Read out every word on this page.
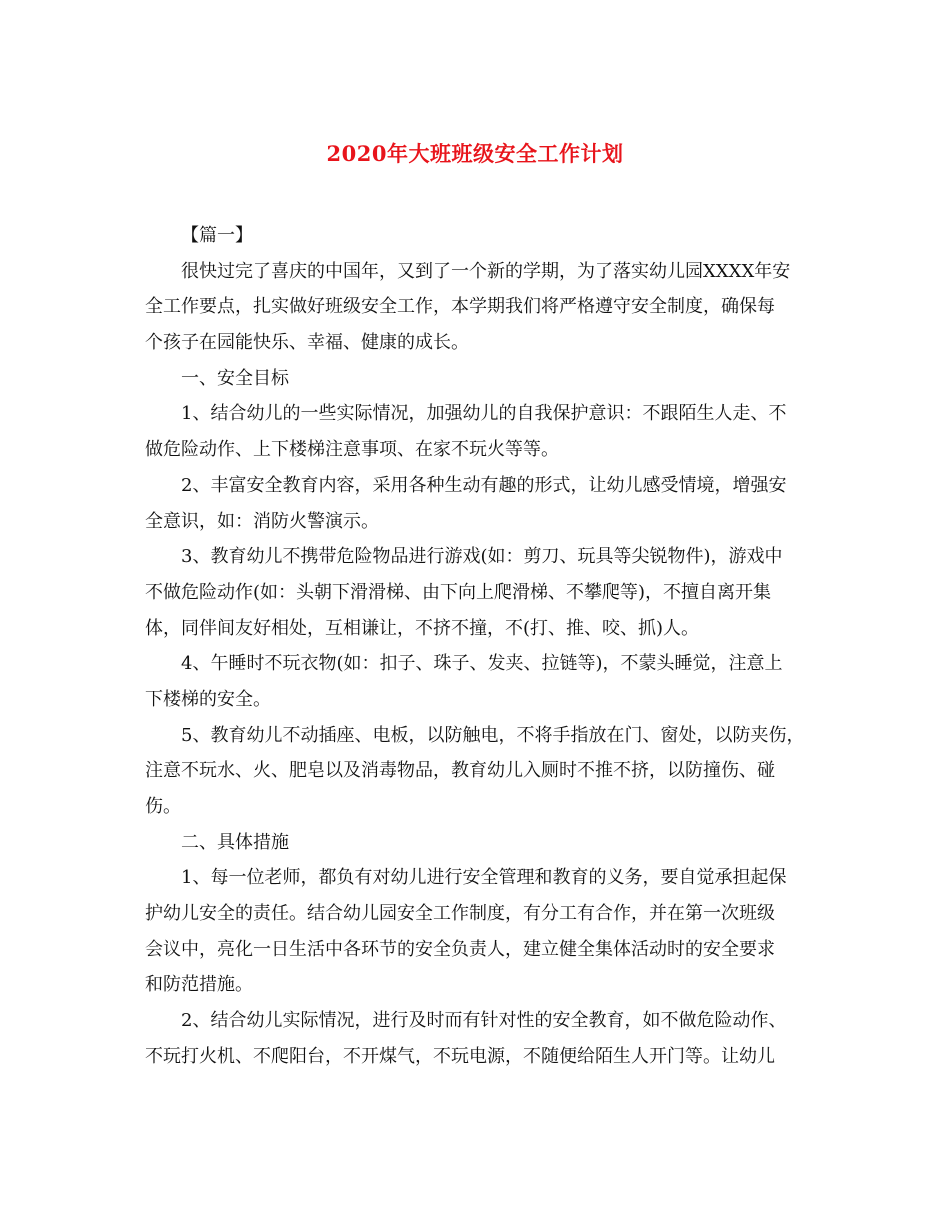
2020年大班班级安全工作计划
【篇一】
很快过完了喜庆的中国年，又到了一个新的学期，为了落实幼儿园XXXX年安
全工作要点，扎实做好班级安全工作，本学期我们将严格遵守安全制度，确保每
个孩子在园能快乐、幸福、健康的成长。
一、安全目标
1、结合幼儿的一些实际情况，加强幼儿的自我保护意识：不跟陌生人走、不
做危险动作、上下楼梯注意事项、在家不玩火等等。
2、丰富安全教育内容，采用各种生动有趣的形式，让幼儿感受情境，增强安
全意识，如：消防火警演示。
3、教育幼儿不携带危险物品进行游戏(如：剪刀、玩具等尖锐物件)，游戏中
不做危险动作(如：头朝下滑滑梯、由下向上爬滑梯、不攀爬等)，不擅自离开集
体，同伴间友好相处，互相谦让，不挤不撞，不(打、推、咬、抓)人。
4、午睡时不玩衣物(如：扣子、珠子、发夹、拉链等)，不蒙头睡觉，注意上
下楼梯的安全。
5、教育幼儿不动插座、电板，以防触电，不将手指放在门、窗处，以防夹伤，
注意不玩水、火、肥皂以及消毒物品，教育幼儿入厕时不推不挤，以防撞伤、碰
伤。
二、具体措施
1、每一位老师，都负有对幼儿进行安全管理和教育的义务，要自觉承担起保
护幼儿安全的责任。结合幼儿园安全工作制度，有分工有合作，并在第一次班级
会议中，亮化一日生活中各环节的安全负责人，建立健全集体活动时的安全要求
和防范措施。
2、结合幼儿实际情况，进行及时而有针对性的安全教育，如不做危险动作、
不玩打火机、不爬阳台，不开煤气，不玩电源，不随便给陌生人开门等。让幼儿
